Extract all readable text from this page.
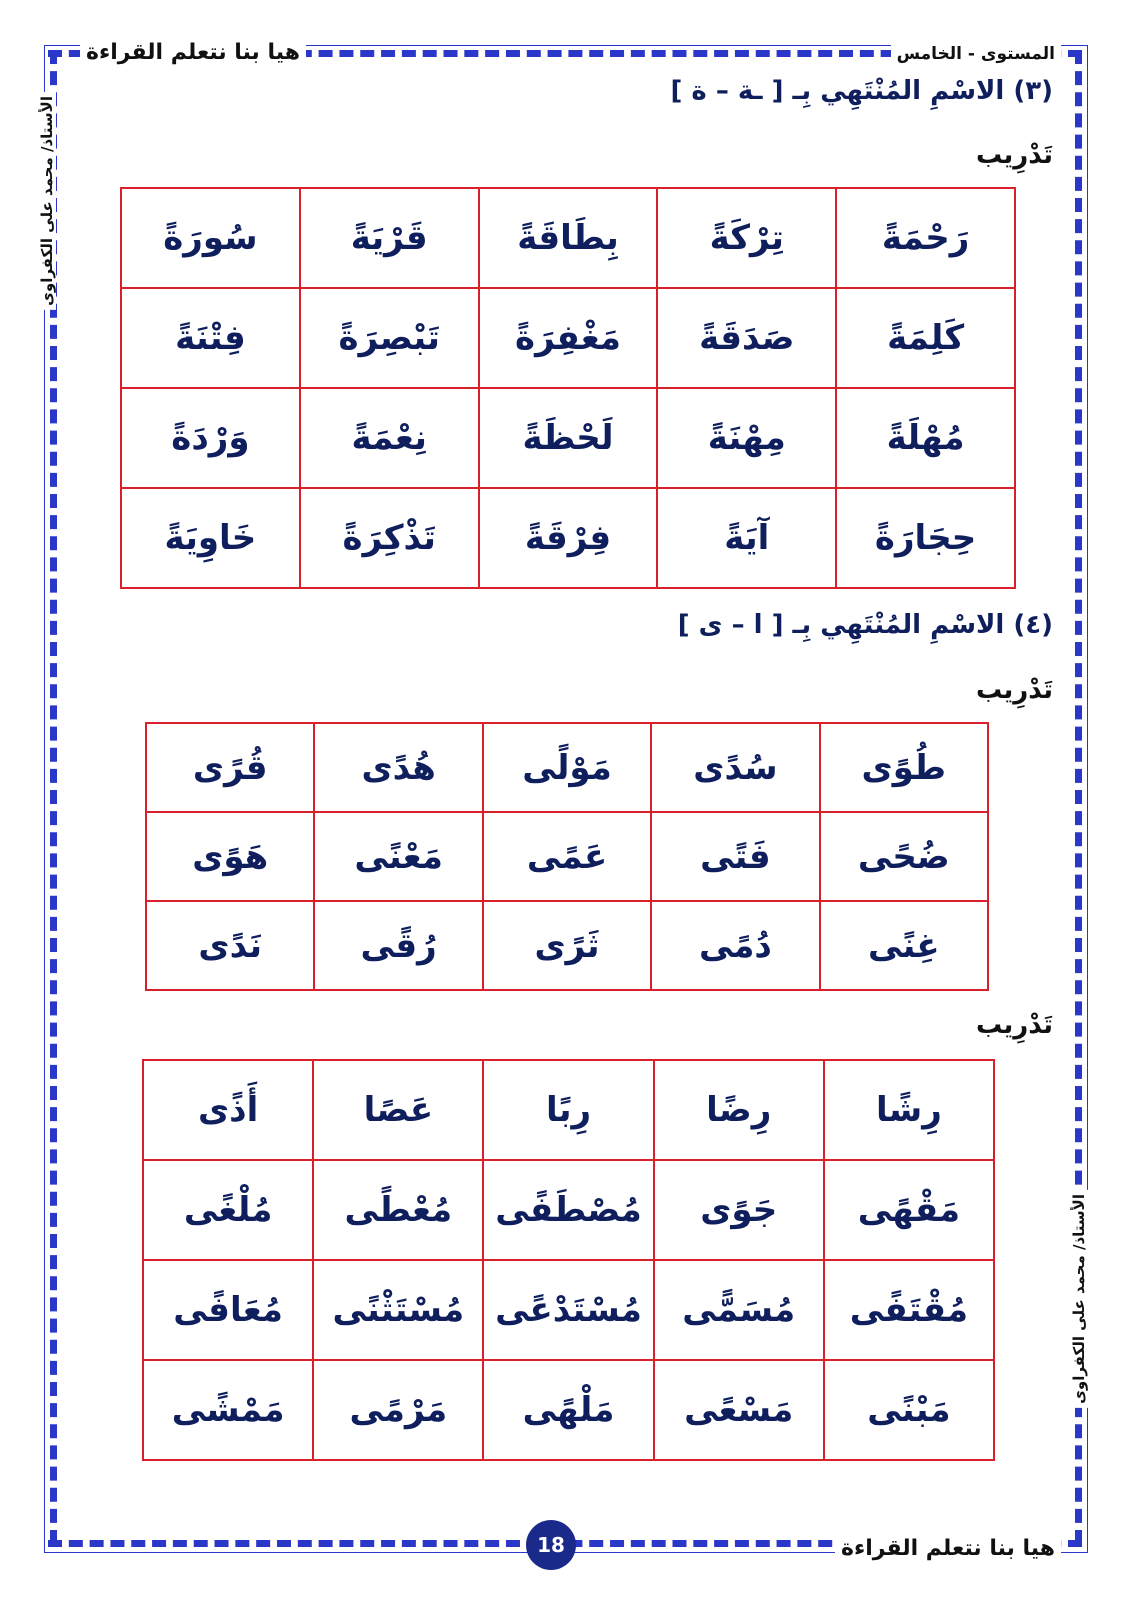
هيا بنا نتعلم القراءة	المستوى - الخامس
الأستاذ/ محمد على الكفراوى
الأستاذ/ محمد على الكفراوى
(٣) الاسْمِ المُنْتَهِي بِـ [ ـة – ة ]
تَدْرِيب
رَحْمَةً	تِرْكَةً	بِطَاقَةً	قَرْيَةً	سُورَةً
كَلِمَةً	صَدَقَةً	مَغْفِرَةً	تَبْصِرَةً	فِتْنَةً
مُهْلَةً	مِهْنَةً	لَحْظَةً	نِعْمَةً	وَرْدَةً
حِجَارَةً	آيَةً	فِرْقَةً	تَذْكِرَةً	خَاوِيَةً
(٤) الاسْمِ المُنْتَهِي بِـ [ ا – ى ]
تَدْرِيب
طُوًى	سُدًى	مَوْلًى	هُدًى	قُرًى
ضُحًى	فَتًى	عَمًى	مَعْنًى	هَوًى
غِنًى	دُمًى	ثَرًى	رُقًى	نَدًى
تَدْرِيب
رِشًا	رِضًا	رِبًا	عَصًا	أَذًى
مَقْهًى	جَوًى	مُصْطَفًى	مُعْطًى	مُلْغًى
مُقْتَفًى	مُسَمًّى	مُسْتَدْعًى	مُسْتَثْنًى	مُعَافًى
مَبْنًى	مَسْعًى	مَلْهًى	مَرْمًى	مَمْشًى
هيا بنا نتعلم القراءة
18
